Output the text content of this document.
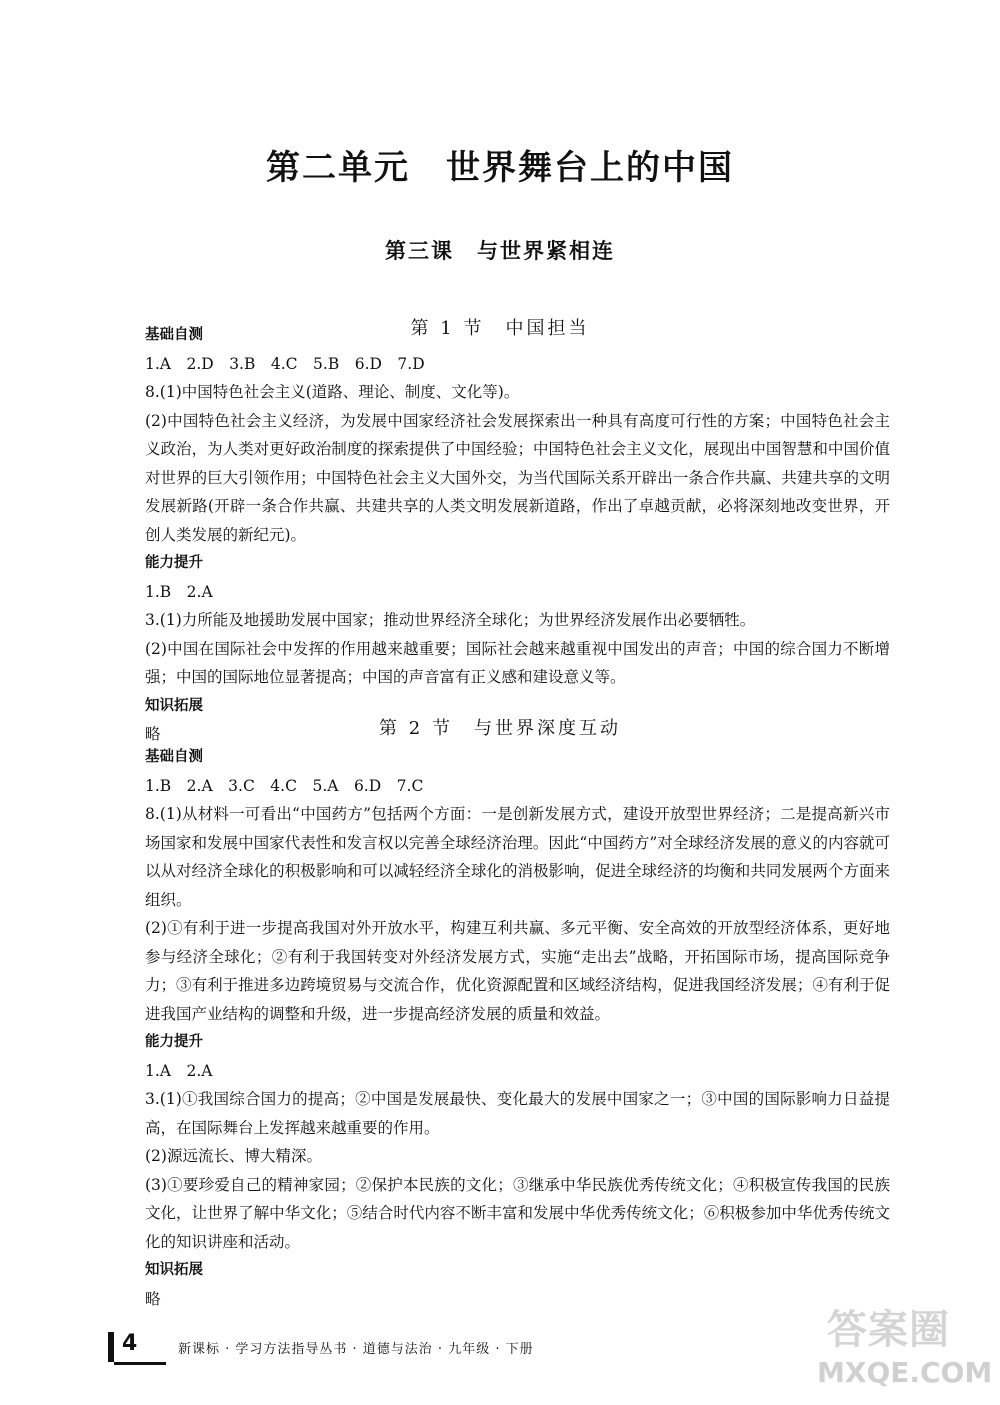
第二单元　世界舞台上的中国
第三课　与世界紧相连
第 1 节　中国担当

基础自测

1.A　2.D　3.B　4.C　5.B　6.D　7.D

8.(1)中国特色社会主义(道路、理论、制度、文化等)。

(2)中国特色社会主义经济，为发展中国家经济社会发展探索出一种具有高度可行性的方案；中国特色社会主义政治，为人类对更好政治制度的探索提供了中国经验；中国特色社会主义文化，展现出中国智慧和中国价值对世界的巨大引领作用；中国特色社会主义大国外交，为当代国际关系开辟出一条合作共赢、共建共享的文明发展新路(开辟一条合作共赢、共建共享的人类文明发展新道路，作出了卓越贡献，必将深刻地改变世界，开创人类发展的新纪元)。

能力提升

1.B　2.A

3.(1)力所能及地援助发展中国家；推动世界经济全球化；为世界经济发展作出必要牺牲。

(2)中国在国际社会中发挥的作用越来越重要；国际社会越来越重视中国发出的声音；中国的综合国力不断增强；中国的国际地位显著提高；中国的声音富有正义感和建设意义等。

知识拓展

略	第 2 节　与世界深度互动

基础自测

1.B　2.A　3.C　4.C　5.A　6.D　7.C

8.(1)从材料一可看出“中国药方”包括两个方面：一是创新发展方式，建设开放型世界经济；二是提高新兴市场国家和发展中国家代表性和发言权以完善全球经济治理。因此“中国药方”对全球经济发展的意义的内容就可以从对经济全球化的积极影响和可以减轻经济全球化的消极影响，促进全球经济的均衡和共同发展两个方面来组织。

(2)①有利于进一步提高我国对外开放水平，构建互利共赢、多元平衡、安全高效的开放型经济体系，更好地参与经济全球化；②有利于我国转变对外经济发展方式，实施“走出去”战略，开拓国际市场，提高国际竞争力；③有利于推进多边跨境贸易与交流合作，优化资源配置和区域经济结构，促进我国经济发展；④有利于促进我国产业结构的调整和升级，进一步提高经济发展的质量和效益。

能力提升

1.A　2.A

3.(1)①我国综合国力的提高；②中国是发展最快、变化最大的发展中国家之一；③中国的国际影响力日益提高，在国际舞台上发挥越来越重要的作用。

(2)源远流长、博大精深。

(3)①要珍爱自己的精神家园；②保护本民族的文化；③继承中华民族优秀传统文化；④积极宣传我国的民族文化，让世界了解中华文化；⑤结合时代内容不断丰富和发展中华优秀传统文化；⑥积极参加中华优秀传统文化的知识讲座和活动。

知识拓展

略

4	新课标 · 学习方法指导丛书 · 道德与法治 · 九年级 · 下册	答案圈
MXQE.COM
